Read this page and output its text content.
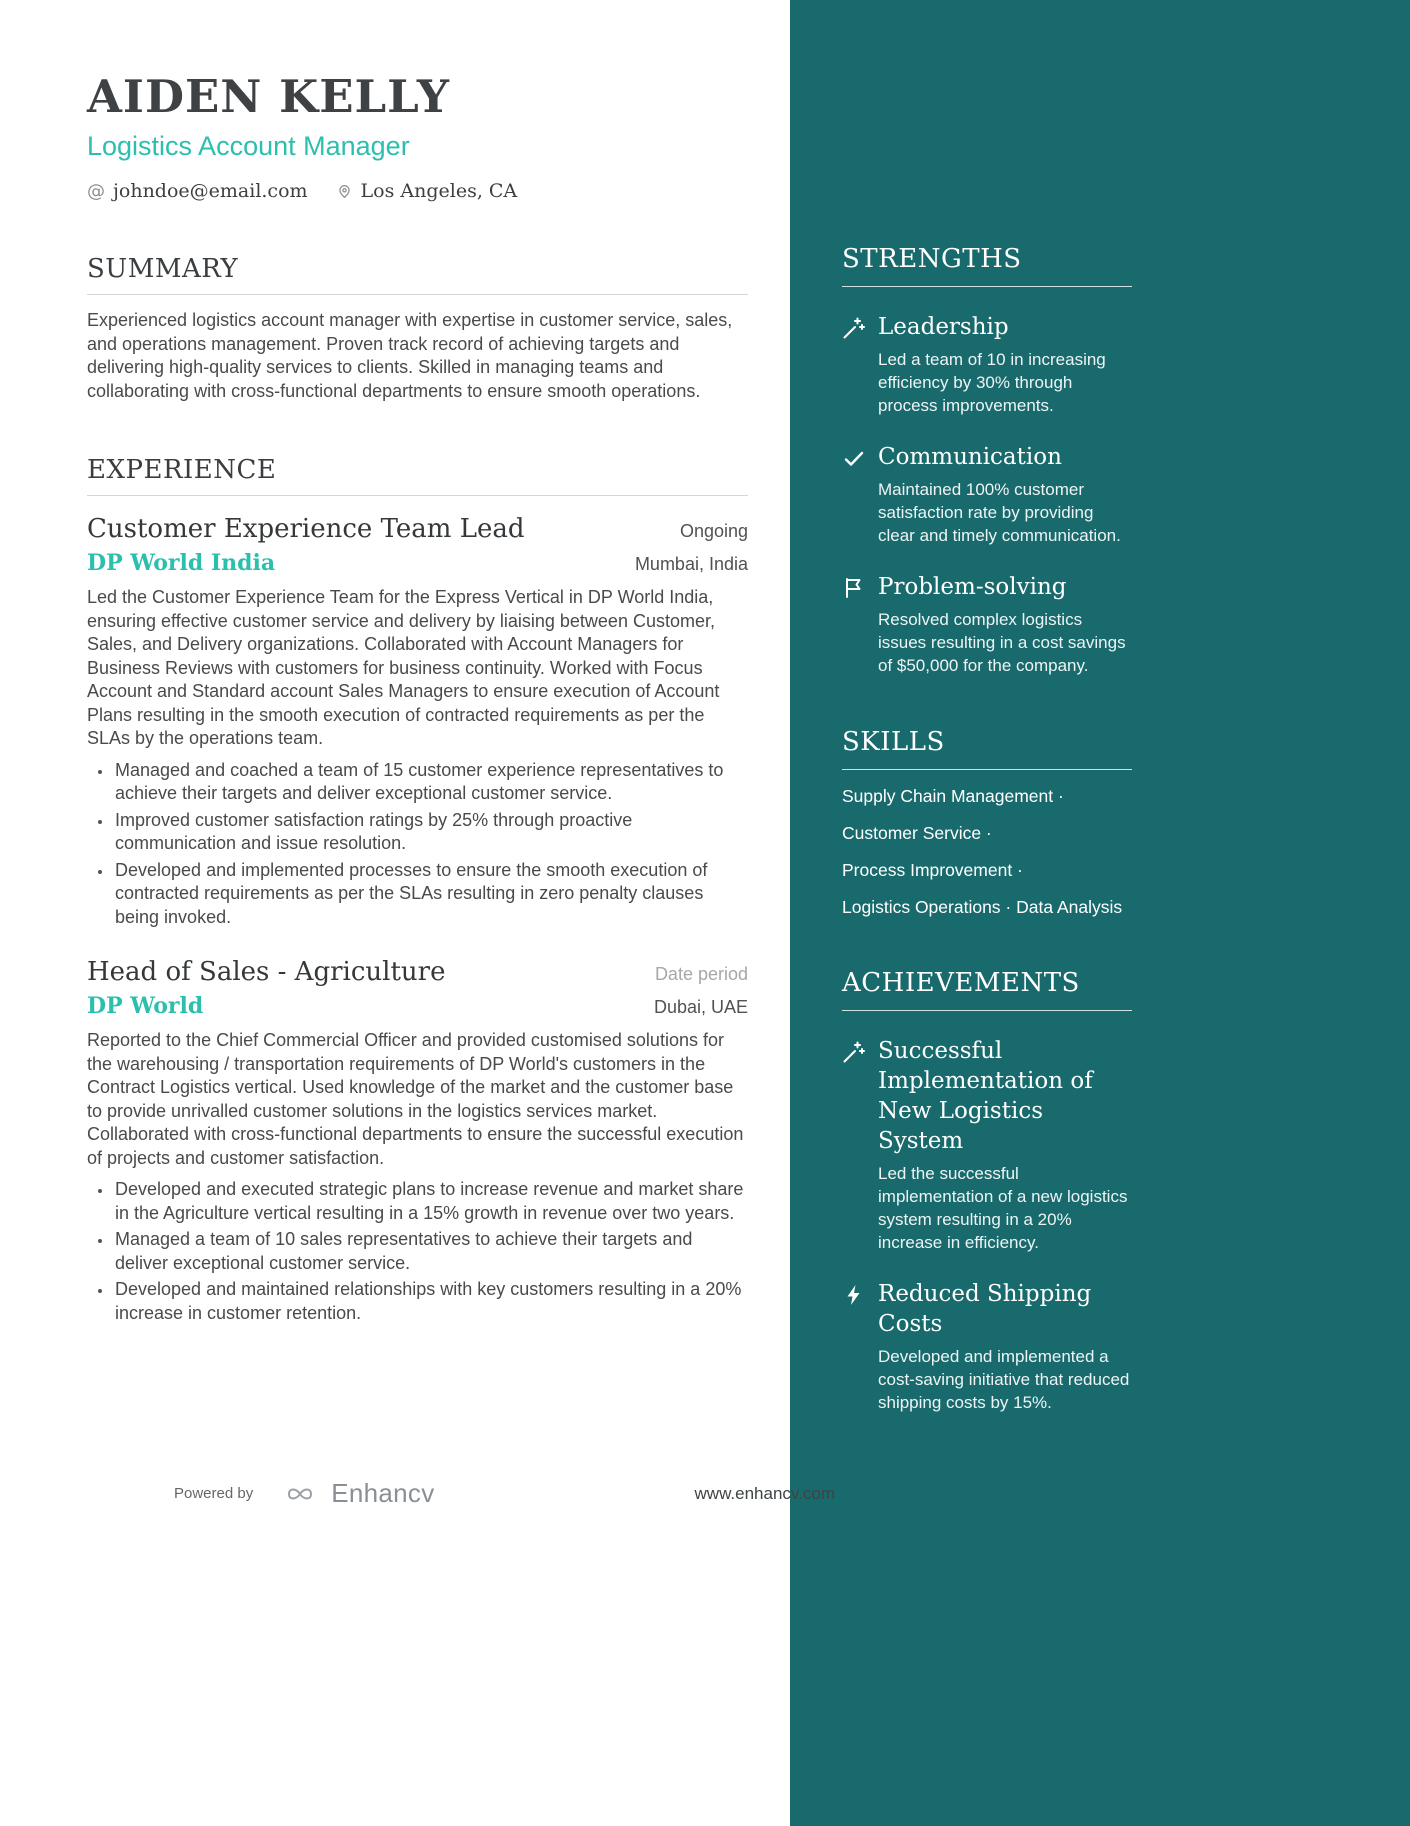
STRENGTHS
Leadership

Led a team of 10 in increasing efficiency by 30% through process improvements.

Communication

Maintained 100% customer satisfaction rate by providing clear and timely communication.

Problem-solving

Resolved complex logistics issues resulting in a cost savings of $50,000 for the company.

SKILLS
Supply Chain Management ·
Customer Service ·
Process Improvement ·
Logistics Operations · Data Analysis
ACHIEVEMENTS
Successful Implementation of New Logistics System

Led the successful implementation of a new logistics system resulting in a 20% increase in efficiency.

Reduced Shipping Costs

Developed and implemented a cost-saving initiative that reduced shipping costs by 15%.

AIDEN KELLY
Logistics Account Manager
@ johndoe@email.com	Los Angeles, CA
SUMMARY

Experienced logistics account manager with expertise in customer service, sales, and operations management. Proven track record of achieving targets and delivering high-quality services to clients. Skilled in managing teams and collaborating with cross-functional departments to ensure smooth operations.

EXPERIENCE
Customer Experience Team Lead	Ongoing
DP World India	Mumbai, India

Led the Customer Experience Team for the Express Vertical in DP World India, ensuring effective customer service and delivery by liaising between Customer, Sales, and Delivery organizations. Collaborated with Account Managers for Business Reviews with customers for business continuity. Worked with Focus Account and Standard account Sales Managers to ensure execution of Account Plans resulting in the smooth execution of contracted requirements as per the SLAs by the operations team.

• Managed and coached a team of 15 customer experience representatives to achieve their targets and deliver exceptional customer service.
• Improved customer satisfaction ratings by 25% through proactive communication and issue resolution.
• Developed and implemented processes to ensure the smooth execution of contracted requirements as per the SLAs resulting in zero penalty clauses being invoked.
Head of Sales - Agriculture	Date period
DP World	Dubai, UAE

Reported to the Chief Commercial Officer and provided customised solutions for the warehousing / transportation requirements of DP World's customers in the Contract Logistics vertical. Used knowledge of the market and the customer base to provide unrivalled customer solutions in the logistics services market. Collaborated with cross-functional departments to ensure the successful execution of projects and customer satisfaction.

• Developed and executed strategic plans to increase revenue and market share in the Agriculture vertical resulting in a 15% growth in revenue over two years.
• Managed a team of 10 sales representatives to achieve their targets and deliver exceptional customer service.
• Developed and maintained relationships with key customers resulting in a 20% increase in customer retention.
Powered by	Enhancv	www.enhancv.com
